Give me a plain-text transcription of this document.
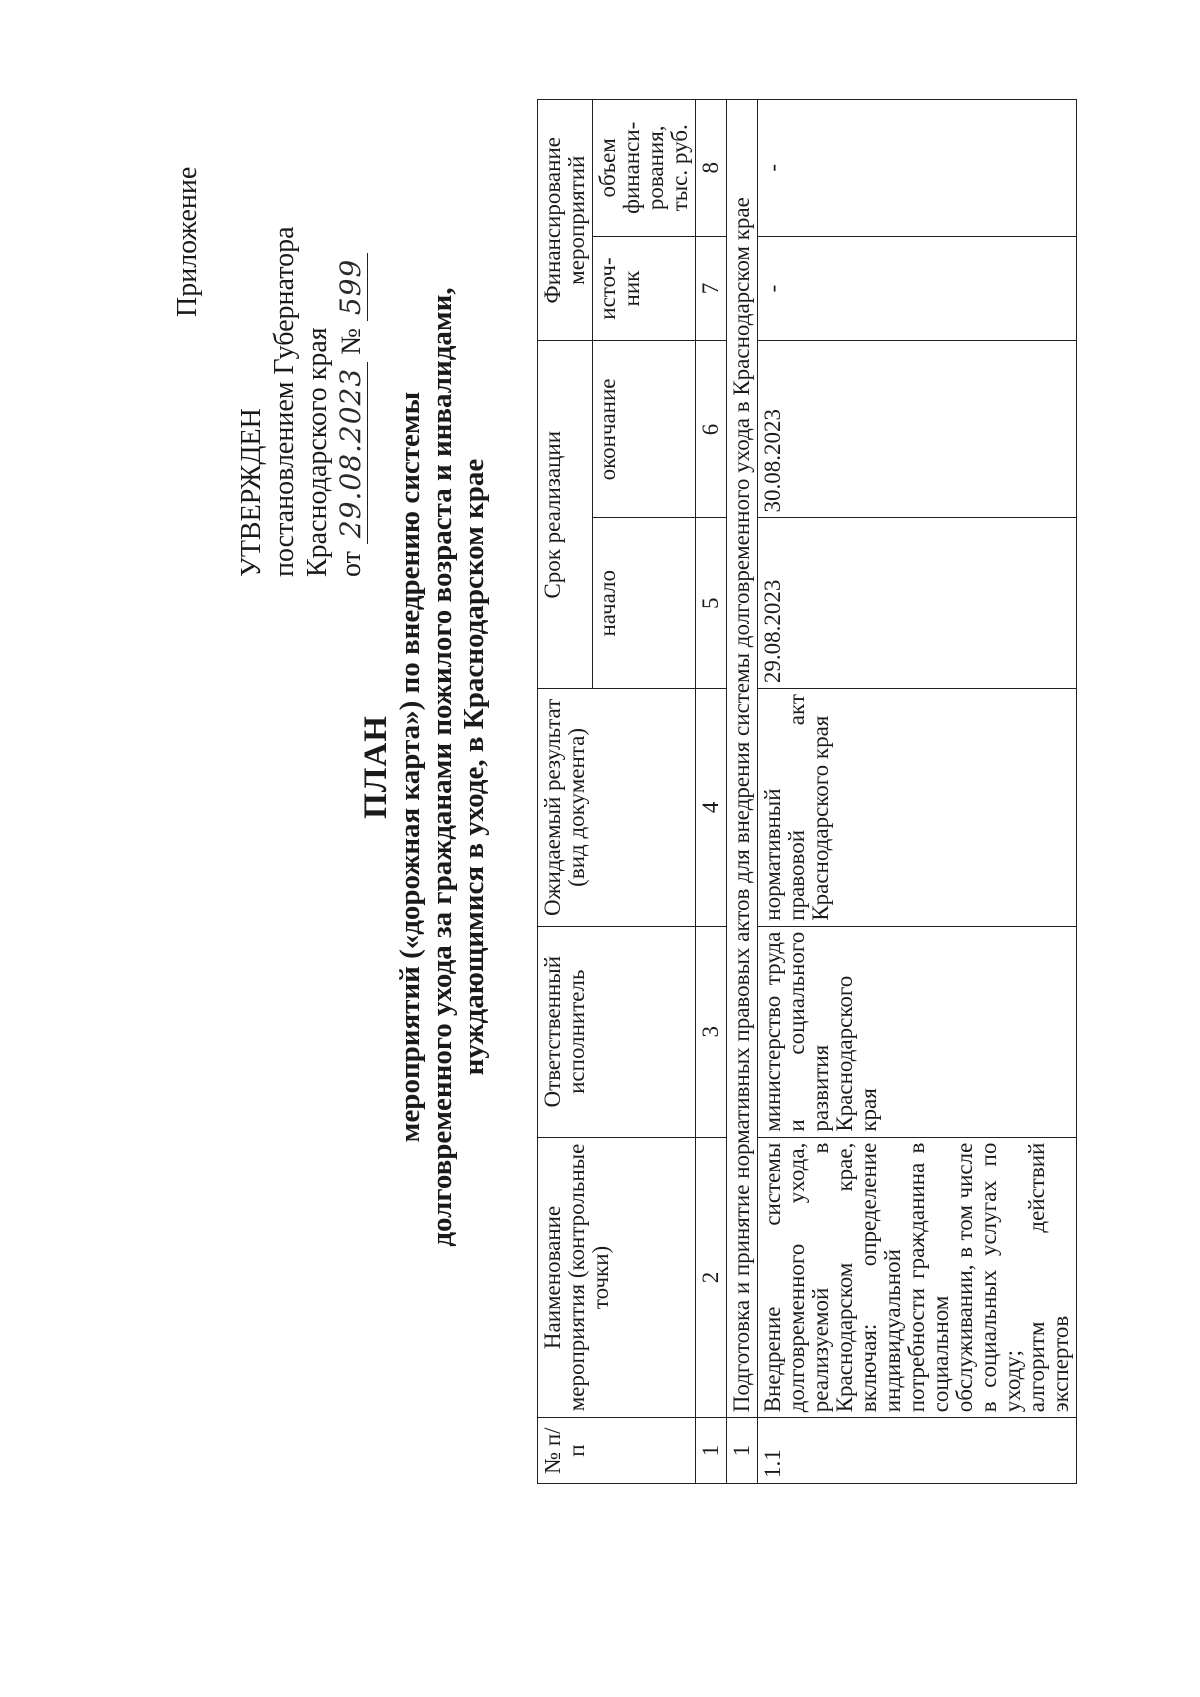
Приложение
УТВЕРЖДЕН постановлением Губернатора Краснодарского края от 29.08.2023 № 599
ПЛАН мероприятий («дорожная карта») по внедрению системы долговременного ухода за гражданами пожилого возраста и инвалидами, нуждающимися в уходе, в Краснодарском крае
№ п/п	Наименование мероприятия (контрольные точки)	Ответственный исполнитель	Ожидаемый результат (вид документа)	Срок реализации		Финансирование мероприятий	
				начало	окончание	источ-ник	объем финанси-рования, тыс. руб.
1	2	3	4	5	6	7	8
1	Подготовка и принятие нормативных правовых актов для внедрения системы долговременного ухода в Краснодарском крае						
1.1	Внедрение системы долговременного ухода, реализуемой в Краснодарском крае, включая: определение индивидуальной потребности гражданина в социальном обслуживании, в том числе в социальных услугах по уходу; алгоритм действий экспертов	министерство труда и социального развития Краснодарского края	нормативный правовой акт Краснодарского края	29.08.2023	30.08.2023	-	-
